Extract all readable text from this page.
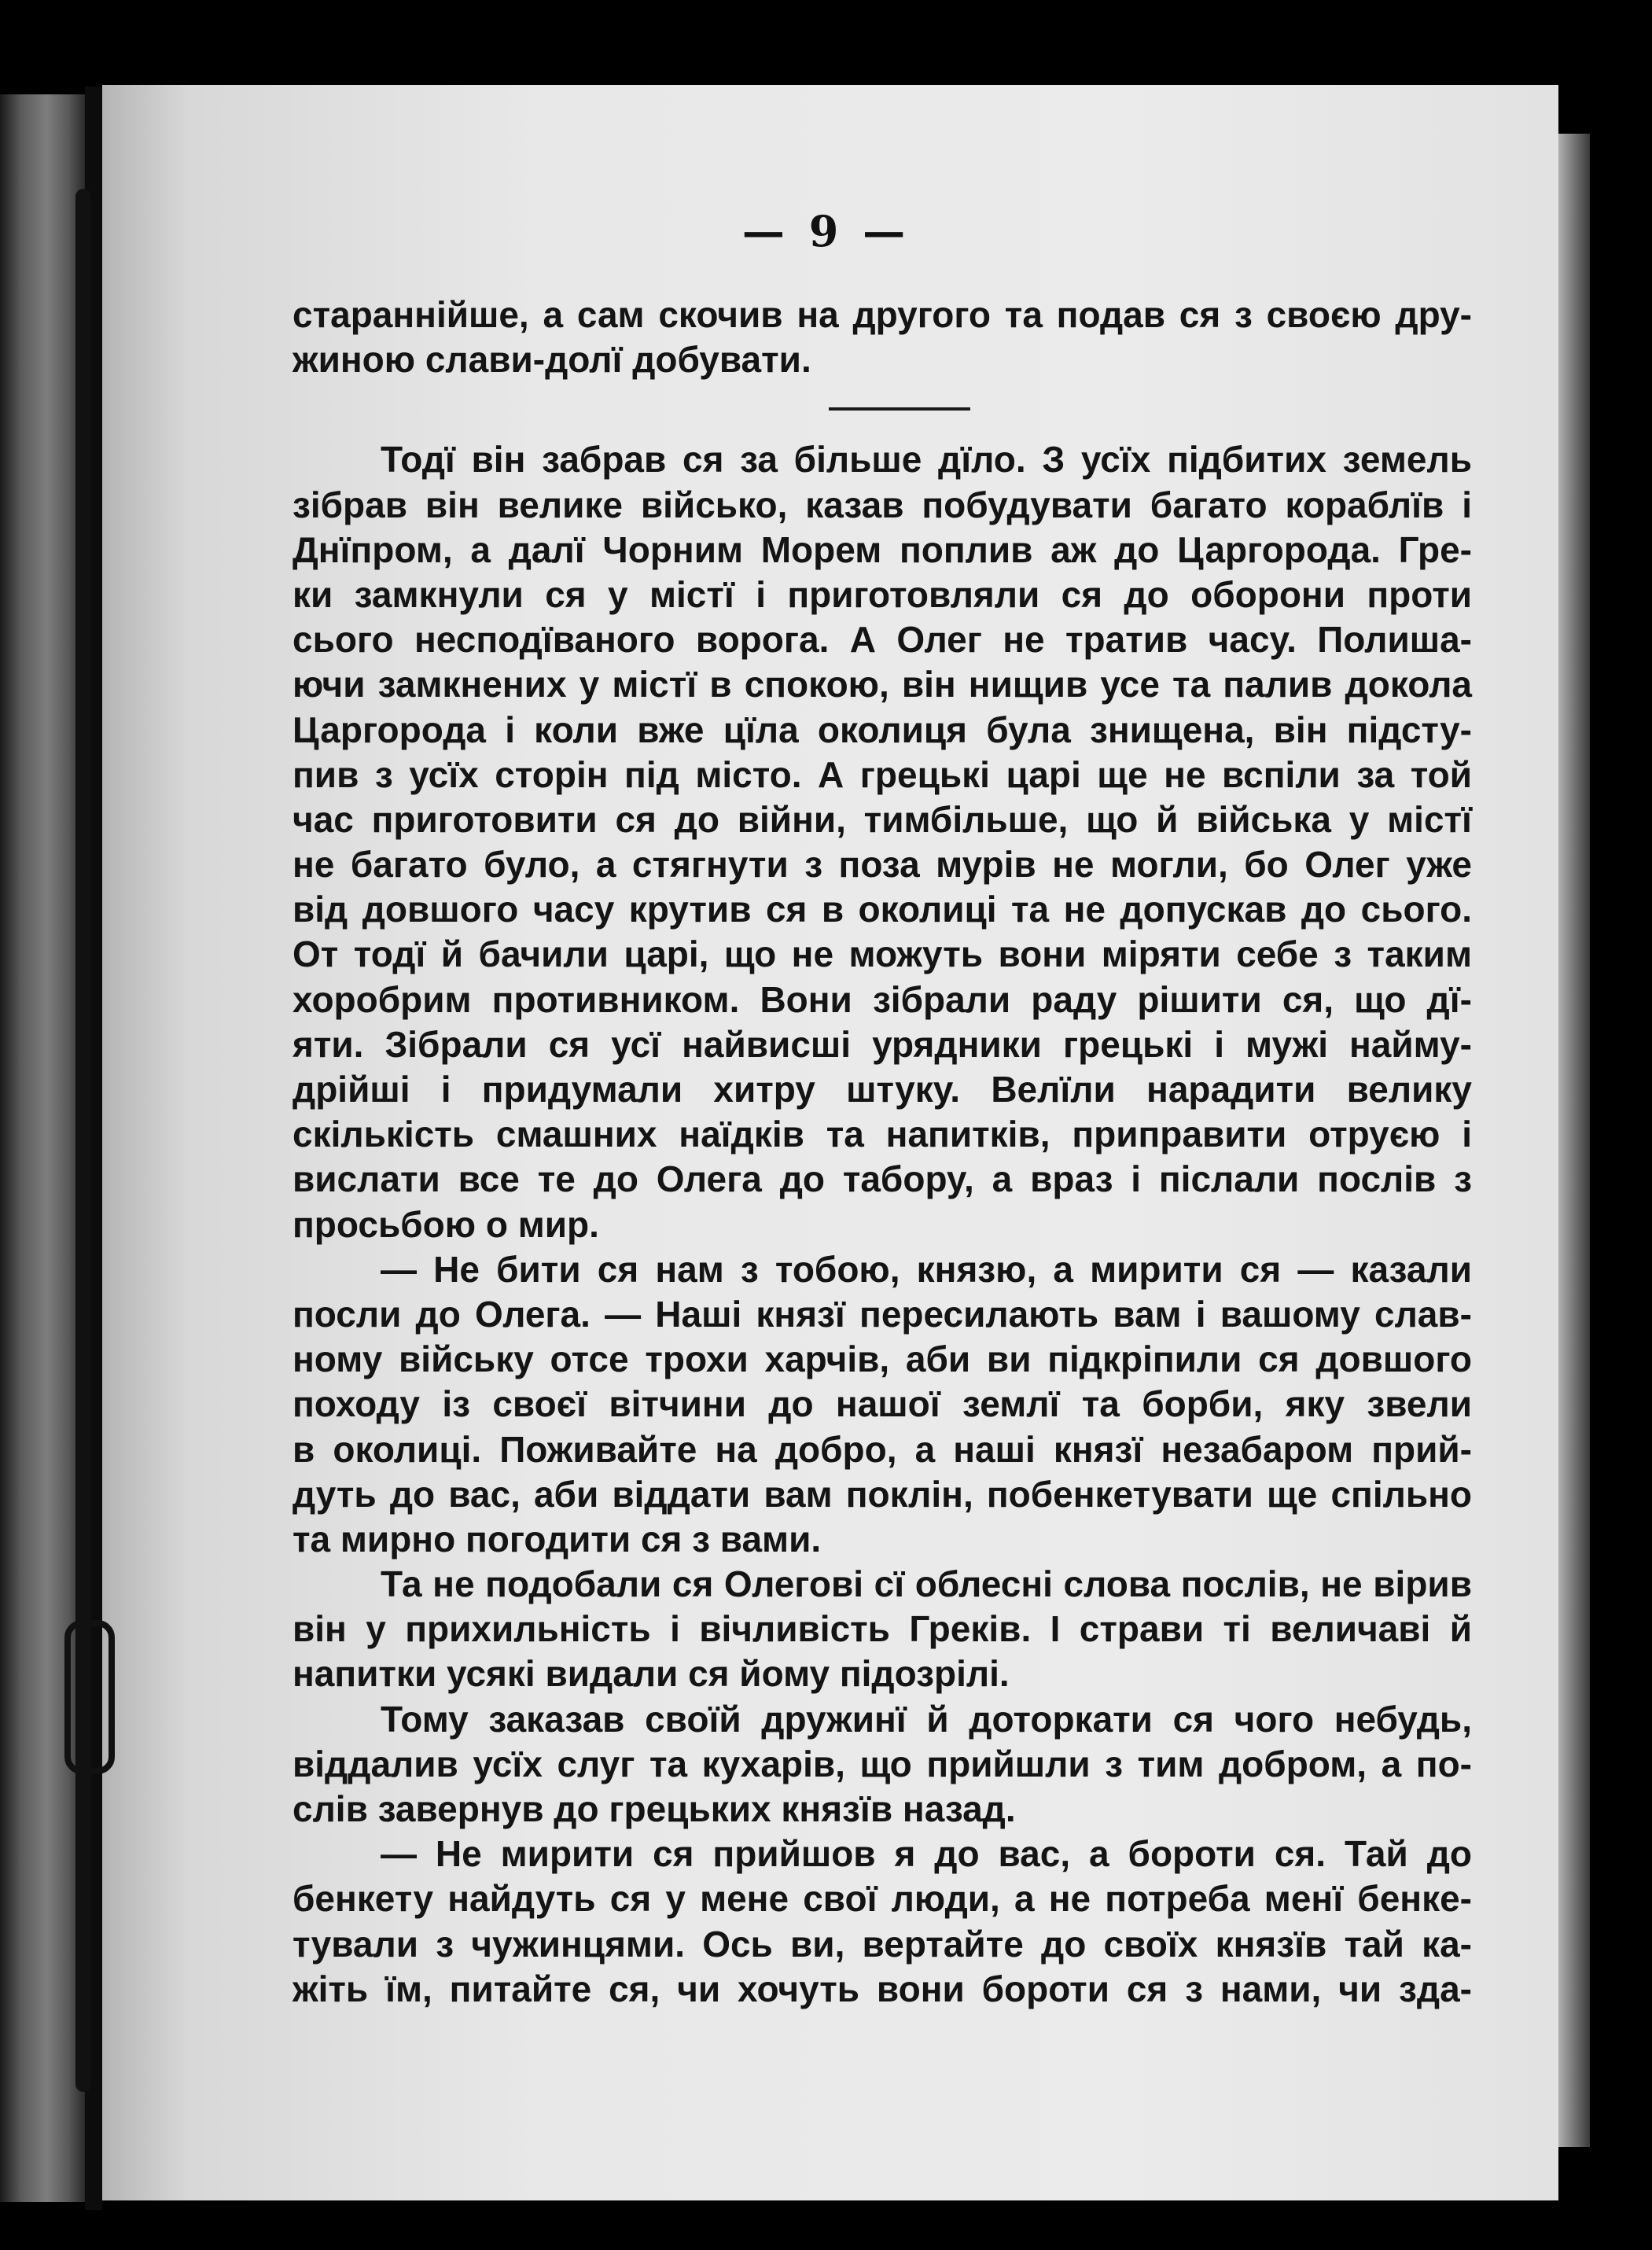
— 9 —
стараннійше, а сам скочив на другого та подав ся з своєю дру-
жиною слави-долї добувати.
Тодї він забрав ся за більше дїло. З усїх підбитих земель
зібрав він велике військо, казав побудувати багато кораблїв і
Днїпром, а далї Чорним Морем поплив аж до Царгорода. Гре-
ки замкнули ся у містї і приготовляли ся до оборони проти
сього несподїваного ворога. А Олег не тратив часу. Полиша-
ючи замкнених у містї в спокою, він нищив усе та палив докола
Царгорода і коли вже цїла околиця була знищена, він підсту-
пив з усїх сторін під місто. А грецькі царі ще не вспіли за той
час приготовити ся до війни, тимбільше, що й війська у містї
не багато було, а стягнути з поза мурів не могли, бо Олег уже
від довшого часу крутив ся в околиці та не допускав до сього.
От тодї й бачили царі, що не можуть вони міряти себе з таким
хоробрим противником. Вони зібрали раду рішити ся, що дї-
яти. Зібрали ся усї найвисші урядники грецькі і мужі найму-
дрійші і придумали хитру штуку. Велїли нарадити велику
скількість смашних наїдків та напитків, приправити отруєю і
вислати все те до Олега до табору, а враз і післали послів з
просьбою о мир.
— Не бити ся нам з тобою, князю, а мирити ся — казали
посли до Олега. — Наші князї пересилають вам і вашому слав-
ному війську отсе трохи харчів, аби ви підкріпили ся довшого
походу із своєї вітчини до нашої землї та борби, яку звели
в околиці. Поживайте на добро, а наші князї незабаром прий-
дуть до вас, аби віддати вам поклін, побенкетувати ще спільно
та мирно погодити ся з вами.
Та не подобали ся Олегові сї облесні слова послів, не вірив
він у прихильність і вічливість Греків. І страви ті величаві й
напитки усякі видали ся йому підозрілі.
Тому заказав своїй дружинї й доторкати ся чого небудь,
віддалив усїх слуг та кухарів, що прийшли з тим добром, а по-
слів завернув до грецьких князїв назад.
— Не мирити ся прийшов я до вас, а бороти ся. Тай до
бенкету найдуть ся у мене свої люди, а не потреба менї бенке-
тували з чужинцями. Ось ви, вертайте до своїх князїв тай ка-
жіть їм, питайте ся, чи хочуть вони бороти ся з нами, чи зда-
